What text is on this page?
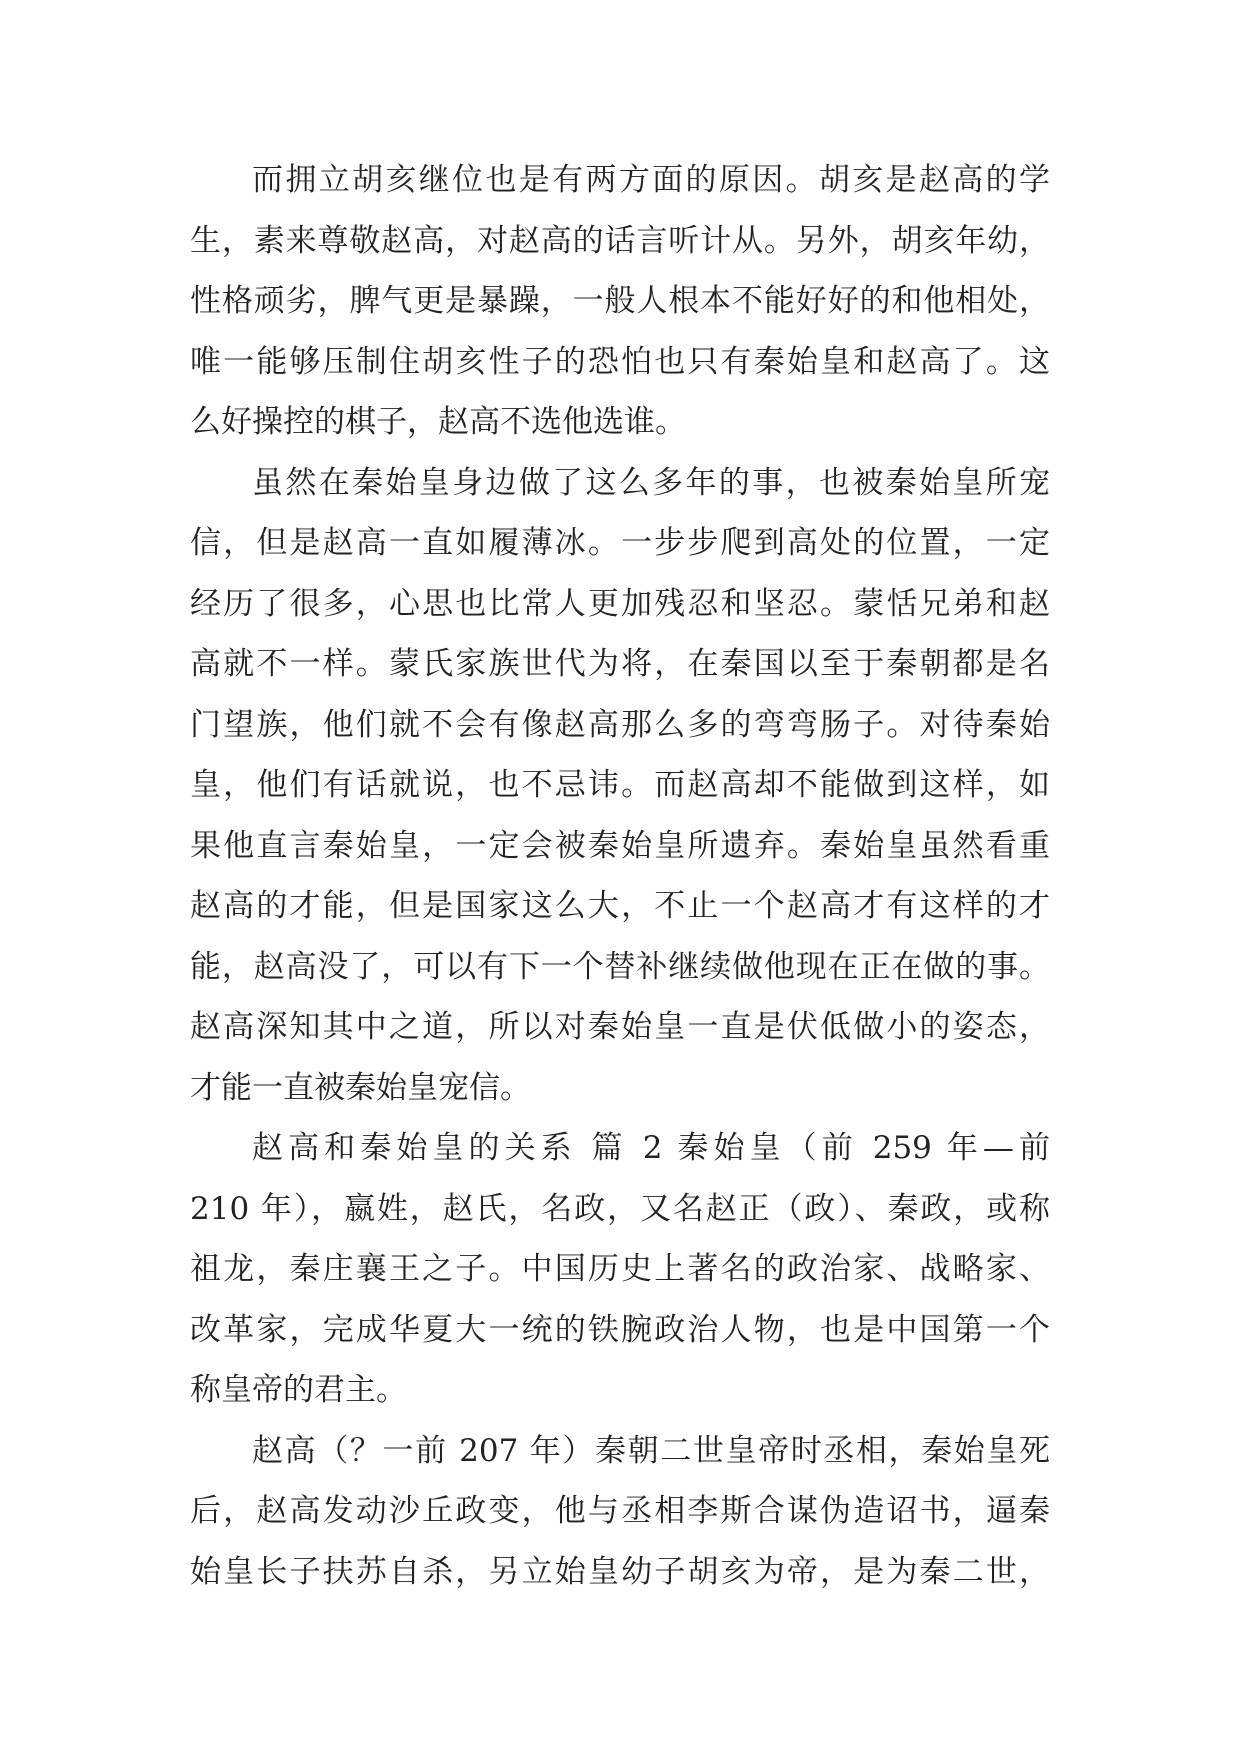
而拥立胡亥继位也是有两方面的原因。胡亥是赵高的学
生，素来尊敬赵高，对赵高的话言听计从。另外，胡亥年幼，
性格顽劣，脾气更是暴躁，一般人根本不能好好的和他相处，
唯一能够压制住胡亥性子的恐怕也只有秦始皇和赵高了。这
么好操控的棋子，赵高不选他选谁。
虽然在秦始皇身边做了这么多年的事，也被秦始皇所宠
信，但是赵高一直如履薄冰。一步步爬到高处的位置，一定
经历了很多，心思也比常人更加残忍和坚忍。蒙恬兄弟和赵
高就不一样。蒙氏家族世代为将，在秦国以至于秦朝都是名
门望族，他们就不会有像赵高那么多的弯弯肠子。对待秦始
皇，他们有话就说，也不忌讳。而赵高却不能做到这样，如
果他直言秦始皇，一定会被秦始皇所遗弃。秦始皇虽然看重
赵高的才能，但是国家这么大，不止一个赵高才有这样的才
能，赵高没了，可以有下一个替补继续做他现在正在做的事。
赵高深知其中之道，所以对秦始皇一直是伏低做小的姿态，
才能一直被秦始皇宠信。
赵高和秦始皇的关系 篇 2 秦始皇（前 259 年—前
210 年），嬴姓，赵氏，名政，又名赵正（政）、秦政，或称
祖龙，秦庄襄王之子。中国历史上著名的政治家、战略家、
改革家，完成华夏大一统的铁腕政治人物，也是中国第一个
称皇帝的君主。
赵高（？一前 207 年）秦朝二世皇帝时丞相，秦始皇死
后，赵高发动沙丘政变，他与丞相李斯合谋伪造诏书，逼秦
始皇长子扶苏自杀，另立始皇幼子胡亥为帝，是为秦二世，
